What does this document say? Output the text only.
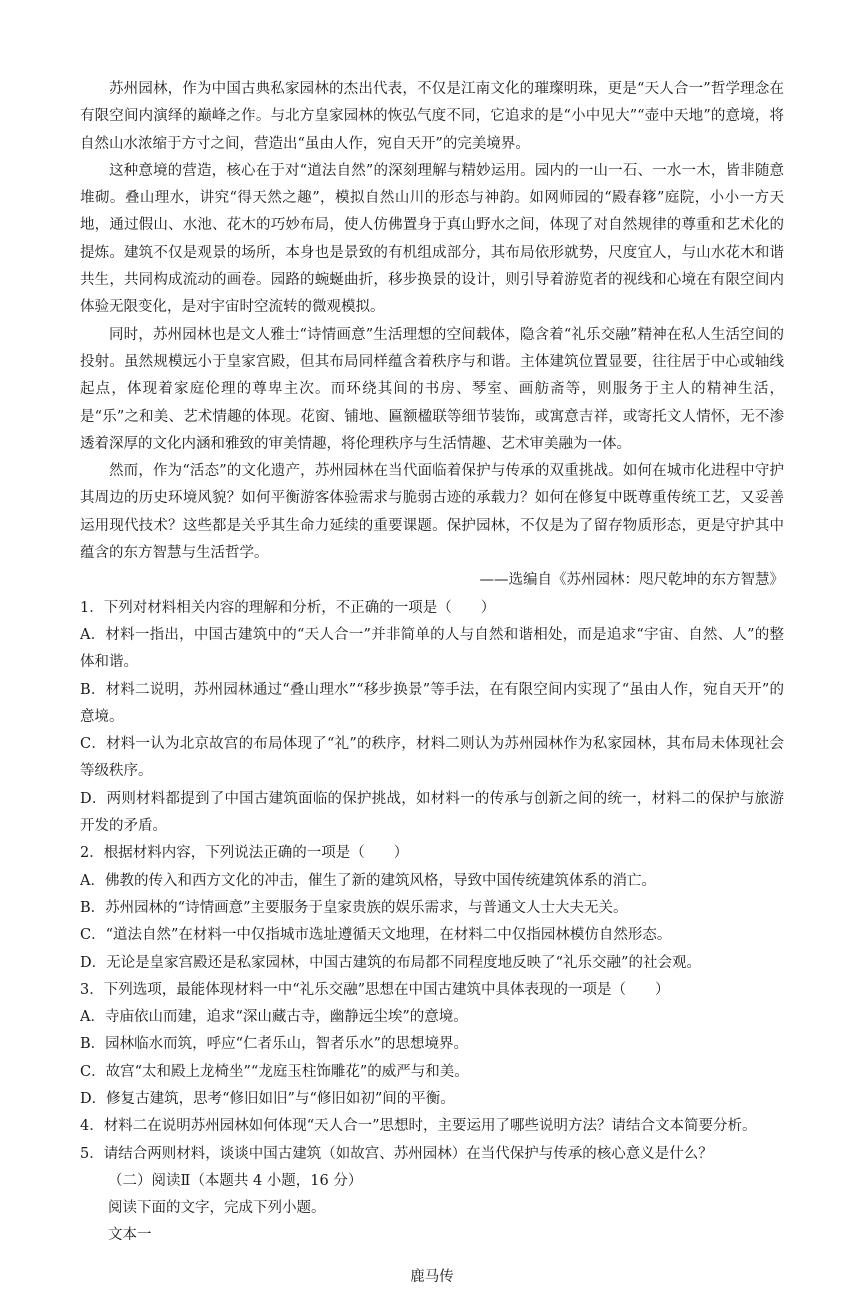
苏州园林，作为中国古典私家园林的杰出代表，不仅是江南文化的璀璨明珠，更是“天人合一”哲学理念在有限空间内演绎的巅峰之作。与北方皇家园林的恢弘气度不同，它追求的是“小中见大”“壶中天地”的意境，将自然山水浓缩于方寸之间，营造出“虽由人作，宛自天开”的完美境界。

这种意境的营造，核心在于对“道法自然”的深刻理解与精妙运用。园内的一山一石、一水一木，皆非随意堆砌。叠山理水，讲究“得天然之趣”，模拟自然山川的形态与神韵。如网师园的“殿春簃”庭院，小小一方天地，通过假山、水池、花木的巧妙布局，使人仿佛置身于真山野水之间，体现了对自然规律的尊重和艺术化的提炼。建筑不仅是观景的场所，本身也是景致的有机组成部分，其布局依形就势，尺度宜人，与山水花木和谐共生，共同构成流动的画卷。园路的蜿蜒曲折，移步换景的设计，则引导着游览者的视线和心境在有限空间内体验无限变化，是对宇宙时空流转的微观模拟。

同时，苏州园林也是文人雅士“诗情画意”生活理想的空间载体，隐含着“礼乐交融”精神在私人生活空间的投射。虽然规模远小于皇家宫殿，但其布局同样蕴含着秩序与和谐。主体建筑位置显要，往往居于中心或轴线起点，体现着家庭伦理的尊卑主次。而环绕其间的书房、琴室、画舫斋等，则服务于主人的精神生活，是“乐”之和美、艺术情趣的体现。花窗、铺地、匾额楹联等细节装饰，或寓意吉祥，或寄托文人情怀，无不渗透着深厚的文化内涵和雅致的审美情趣，将伦理秩序与生活情趣、艺术审美融为一体。

然而，作为“活态”的文化遗产，苏州园林在当代面临着保护与传承的双重挑战。如何在城市化进程中守护其周边的历史环境风貌？如何平衡游客体验需求与脆弱古迹的承载力？如何在修复中既尊重传统工艺，又妥善运用现代技术？这些都是关乎其生命力延续的重要课题。保护园林，不仅是为了留存物质形态，更是守护其中蕴含的东方智慧与生活哲学。

——选编自《苏州园林：咫尺乾坤的东方智慧》

1．下列对材料相关内容的理解和分析，不正确的一项是（　　）

A．材料一指出，中国古建筑中的“天人合一”并非简单的人与自然和谐相处，而是追求“宇宙、自然、人”的整体和谐。

B．材料二说明，苏州园林通过“叠山理水”“移步换景”等手法，在有限空间内实现了“虽由人作，宛自天开”的意境。

C．材料一认为北京故宫的布局体现了“礼”的秩序，材料二则认为苏州园林作为私家园林，其布局未体现社会等级秩序。

D．两则材料都提到了中国古建筑面临的保护挑战，如材料一的传承与创新之间的统一，材料二的保护与旅游开发的矛盾。

2．根据材料内容，下列说法正确的一项是（　　）

A．佛教的传入和西方文化的冲击，催生了新的建筑风格，导致中国传统建筑体系的消亡。

B．苏州园林的“诗情画意”主要服务于皇家贵族的娱乐需求，与普通文人士大夫无关。

C．“道法自然”在材料一中仅指城市选址遵循天文地理，在材料二中仅指园林模仿自然形态。

D．无论是皇家宫殿还是私家园林，中国古建筑的布局都不同程度地反映了“礼乐交融”的社会观。

3．下列选项，最能体现材料一中“礼乐交融”思想在中国古建筑中具体表现的一项是（　　）

A．寺庙依山而建，追求“深山藏古寺，幽静远尘埃”的意境。

B．园林临水而筑，呼应“仁者乐山，智者乐水”的思想境界。

C．故宫“太和殿上龙椅坐”“龙庭玉柱饰雕花”的威严与和美。

D．修复古建筑，思考“修旧如旧”与“修旧如初”间的平衡。

4．材料二在说明苏州园林如何体现“天人合一”思想时，主要运用了哪些说明方法？请结合文本简要分析。

5．请结合两则材料，谈谈中国古建筑（如故宫、苏州园林）在当代保护与传承的核心意义是什么？

（二）阅读Ⅱ（本题共 4 小题，16 分）

阅读下面的文字，完成下列小题。

文本一

鹿马传
